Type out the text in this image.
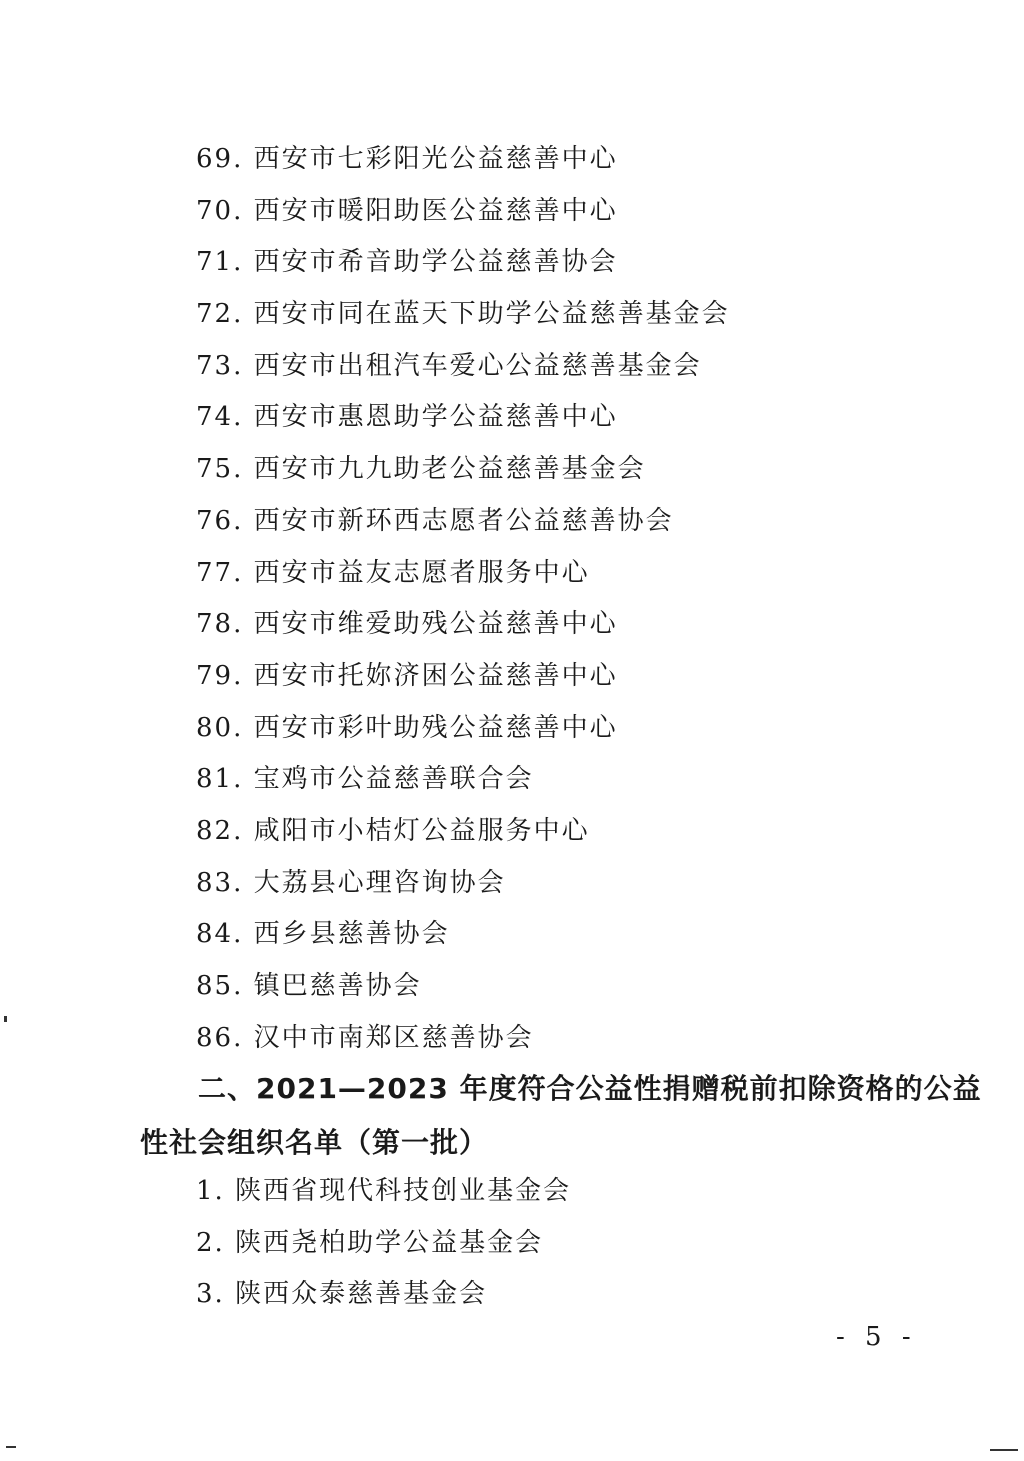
69. 西安市七彩阳光公益慈善中心
70. 西安市暖阳助医公益慈善中心
71. 西安市希音助学公益慈善协会
72. 西安市同在蓝天下助学公益慈善基金会
73. 西安市出租汽车爱心公益慈善基金会
74. 西安市惠恩助学公益慈善中心
75. 西安市九九助老公益慈善基金会
76. 西安市新环西志愿者公益慈善协会
77. 西安市益友志愿者服务中心
78. 西安市维爱助残公益慈善中心
79. 西安市托妳济困公益慈善中心
80. 西安市彩叶助残公益慈善中心
81. 宝鸡市公益慈善联合会
82. 咸阳市小桔灯公益服务中心
83. 大荔县心理咨询协会
84. 西乡县慈善协会
85. 镇巴慈善协会
86. 汉中市南郑区慈善协会
二、2021—2023 年度符合公益性捐赠税前扣除资格的公益
性社会组织名单（第一批）
1. 陕西省现代科技创业基金会
2. 陕西尧柏助学公益基金会
3. 陕西众泰慈善基金会
- 5 -
